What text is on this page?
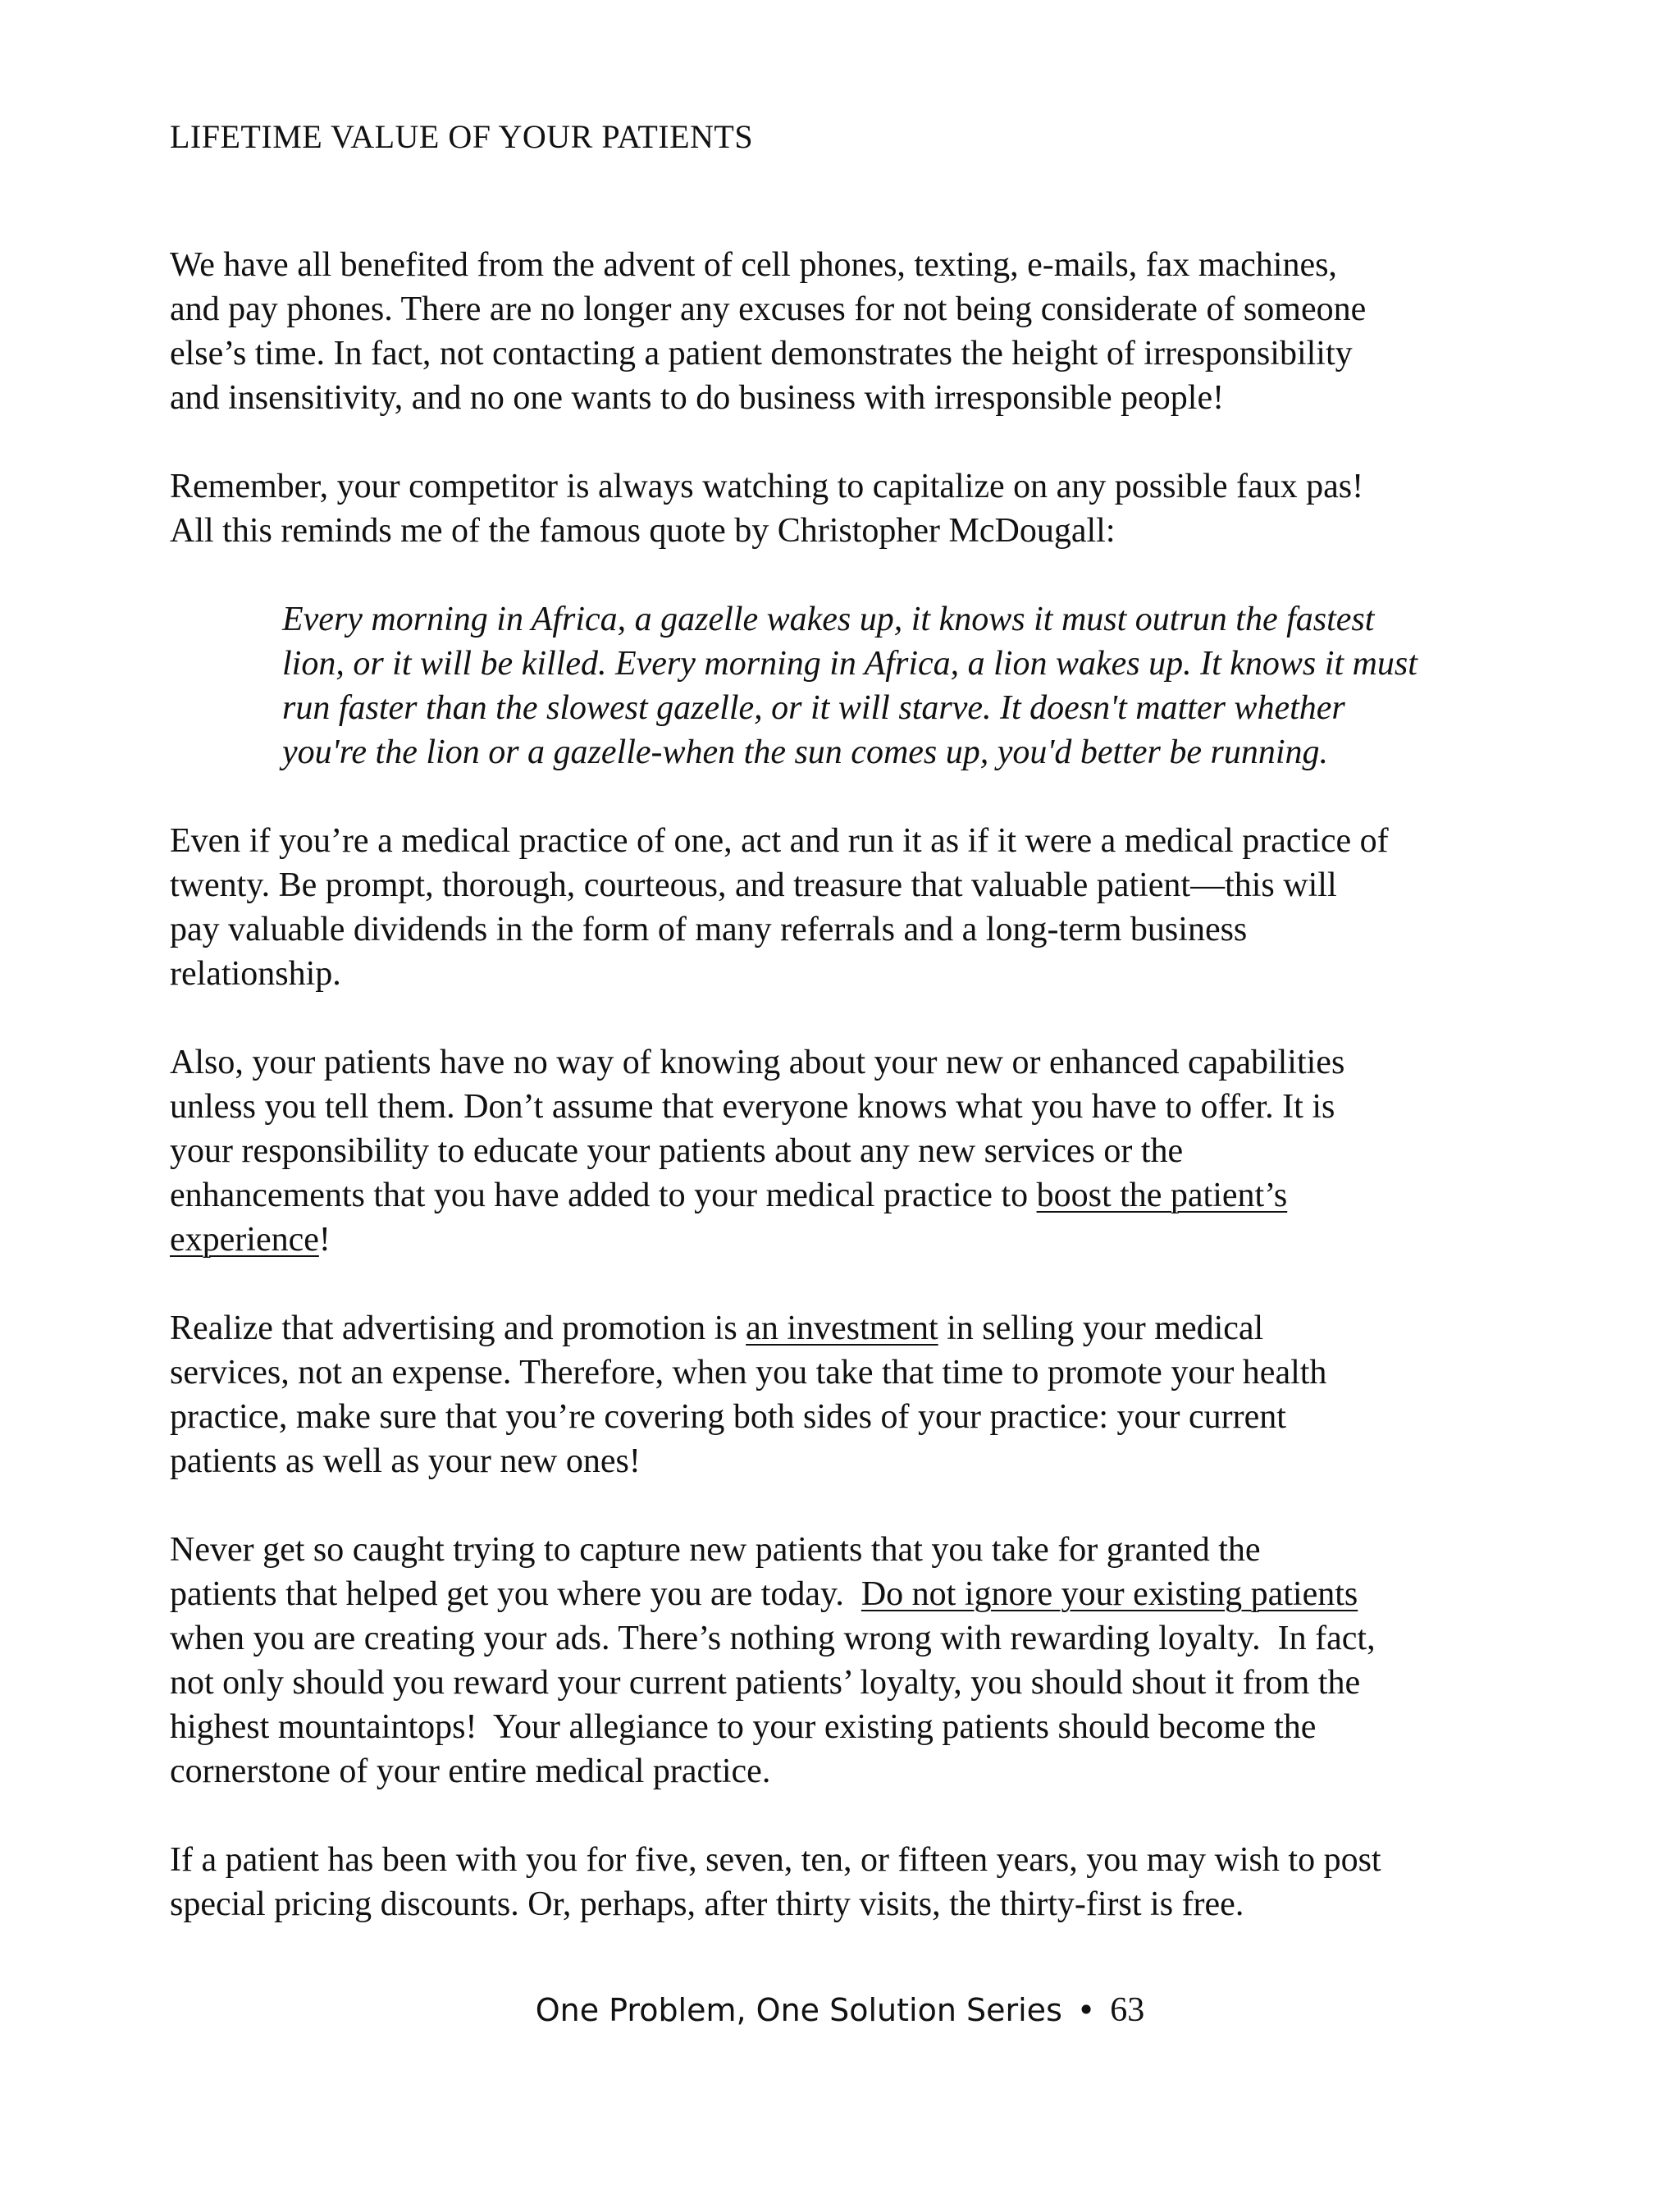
LIFETIME VALUE OF YOUR PATIENTS

We have all benefited from the advent of cell phones, texting, e-mails, fax machines,
and pay phones. There are no longer any excuses for not being considerate of someone
else’s time. In fact, not contacting a patient demonstrates the height of irresponsibility
and insensitivity, and no one wants to do business with irresponsible people!

Remember, your competitor is always watching to capitalize on any possible faux pas!
All this reminds me of the famous quote by Christopher McDougall:

Every morning in Africa, a gazelle wakes up, it knows it must outrun the fastest
lion, or it will be killed. Every morning in Africa, a lion wakes up. It knows it must
run faster than the slowest gazelle, or it will starve. It doesn't matter whether
you're the lion or a gazelle-when the sun comes up, you'd better be running.

Even if you’re a medical practice of one, act and run it as if it were a medical practice of
twenty. Be prompt, thorough, courteous, and treasure that valuable patient—this will
pay valuable dividends in the form of many referrals and a long-term business
relationship.

Also, your patients have no way of knowing about your new or enhanced capabilities
unless you tell them. Don’t assume that everyone knows what you have to offer. It is
your responsibility to educate your patients about any new services or the
enhancements that you have added to your medical practice to boost the patient’s
experience!

Realize that advertising and promotion is an investment in selling your medical
services, not an expense. Therefore, when you take that time to promote your health
practice, make sure that you’re covering both sides of your practice: your current
patients as well as your new ones!

Never get so caught trying to capture new patients that you take for granted the
patients that helped get you where you are today.  Do not ignore your existing patients
when you are creating your ads. There’s nothing wrong with rewarding loyalty.  In fact,
not only should you reward your current patients’ loyalty, you should shout it from the
highest mountaintops!  Your allegiance to your existing patients should become the
cornerstone of your entire medical practice.

If a patient has been with you for five, seven, ten, or fifteen years, you may wish to post
special pricing discounts. Or, perhaps, after thirty visits, the thirty-first is free.

One Problem, One Solution Series • 63
